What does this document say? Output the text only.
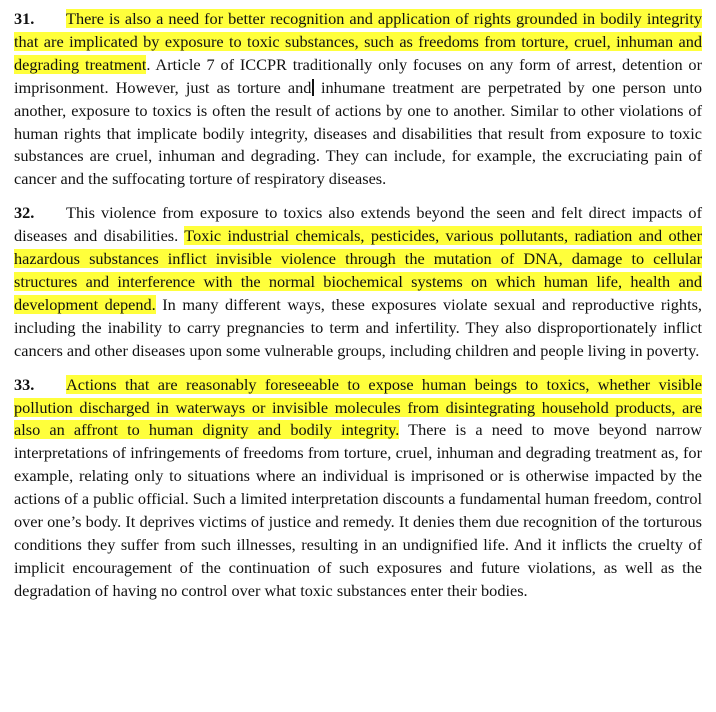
31. There is also a need for better recognition and application of rights grounded in bodily integrity that are implicated by exposure to toxic substances, such as freedoms from torture, cruel, inhuman and degrading treatment. Article 7 of ICCPR traditionally only focuses on any form of arrest, detention or imprisonment. However, just as torture and inhumane treatment are perpetrated by one person unto another, exposure to toxics is often the result of actions by one to another. Similar to other violations of human rights that implicate bodily integrity, diseases and disabilities that result from exposure to toxic substances are cruel, inhuman and degrading. They can include, for example, the excruciating pain of cancer and the suffocating torture of respiratory diseases.

32. This violence from exposure to toxics also extends beyond the seen and felt direct impacts of diseases and disabilities. Toxic industrial chemicals, pesticides, various pollutants, radiation and other hazardous substances inflict invisible violence through the mutation of DNA, damage to cellular structures and interference with the normal biochemical systems on which human life, health and development depend. In many different ways, these exposures violate sexual and reproductive rights, including the inability to carry pregnancies to term and infertility. They also disproportionately inflict cancers and other diseases upon some vulnerable groups, including children and people living in poverty.

33. Actions that are reasonably foreseeable to expose human beings to toxics, whether visible pollution discharged in waterways or invisible molecules from disintegrating household products, are also an affront to human dignity and bodily integrity. There is a need to move beyond narrow interpretations of infringements of freedoms from torture, cruel, inhuman and degrading treatment as, for example, relating only to situations where an individual is imprisoned or is otherwise impacted by the actions of a public official. Such a limited interpretation discounts a fundamental human freedom, control over one’s body. It deprives victims of justice and remedy. It denies them due recognition of the torturous conditions they suffer from such illnesses, resulting in an undignified life. And it inflicts the cruelty of implicit encouragement of the continuation of such exposures and future violations, as well as the degradation of having no control over what toxic substances enter their bodies.
